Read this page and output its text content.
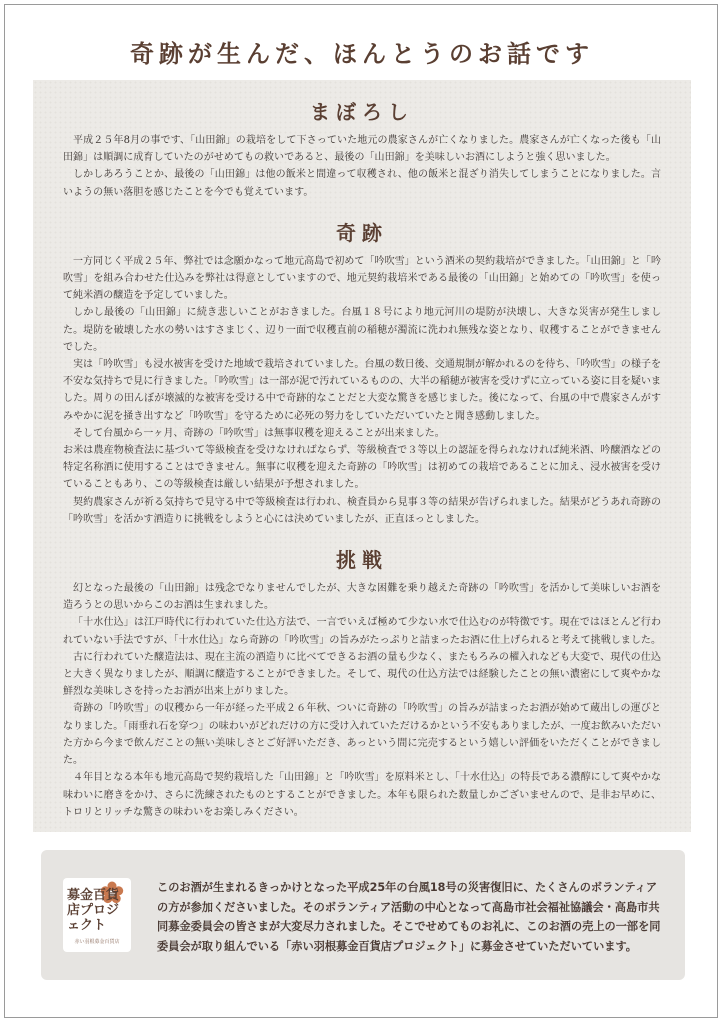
奇跡が生んだ、ほんとうのお話です
まぼろし

平成２５年8月の事です、「山田錦」の栽培をして下さっていた地元の農家さんが亡くなりました。農家さんが亡くなった後も「山田錦」は順調に成育していたのがせめてもの救いであると、最後の「山田錦」を美味しいお酒にしようと強く思いました。

しかしあろうことか、最後の「山田錦」は他の飯米と間違って収穫され、他の飯米と混ざり消失してしまうことになりました。言いようの無い落胆を感じたことを今でも覚えています。

奇跡

一方同じく平成２５年、弊社では念願かなって地元高島で初めて「吟吹雪」という酒米の契約栽培ができました。「山田錦」と「吟吹雪」を組み合わせた仕込みを弊社は得意としていますので、地元契約栽培米である最後の「山田錦」と始めての「吟吹雪」を使って純米酒の醸造を予定していました。

しかし最後の「山田錦」に続き悲しいことがおきました。台風１８号により地元河川の堤防が決壊し、大きな災害が発生しました。堤防を破壊した水の勢いはすさまじく、辺り一面で収穫直前の稲穂が濁流に洗われ無残な姿となり、収穫することができませんでした。

実は「吟吹雪」も浸水被害を受けた地域で栽培されていました。台風の数日後、交通規制が解かれるのを待ち、「吟吹雪」の様子を不安な気持ちで見に行きました。「吟吹雪」は一部が泥で汚れているものの、大半の稲穂が被害を受けずに立っている姿に目を疑いました。周りの田んぼが壊滅的な被害を受ける中で奇跡的なことだと大変な驚きを感じました。後になって、台風の中で農家さんがすみやかに泥を掻き出すなど「吟吹雪」を守るために必死の努力をしていただいていたと聞き感動しました。

そして台風から一ヶ月、奇跡の「吟吹雪」は無事収穫を迎えることが出来ました。

お米は農産物検査法に基づいて等級検査を受けなければならず、等級検査で３等以上の認証を得られなければ純米酒、吟醸酒などの特定名称酒に使用することはできません。無事に収穫を迎えた奇跡の「吟吹雪」は初めての栽培であることに加え、浸水被害を受けていることもあり、この等級検査は厳しい結果が予想されました。

契約農家さんが祈る気持ちで見守る中で等級検査は行われ、検査員から見事３等の結果が告げられました。結果がどうあれ奇跡の「吟吹雪」を活かす酒造りに挑戦をしようと心には決めていましたが、正直ほっとしました。

挑戦

幻となった最後の「山田錦」は残念でなりませんでしたが、大きな困難を乗り越えた奇跡の「吟吹雪」を活かして美味しいお酒を造ろうとの思いからこのお酒は生まれました。

「十水仕込」は江戸時代に行われていた仕込方法で、一言でいえば極めて少ない水で仕込むのが特徴です。現在ではほとんど行われていない手法ですが、「十水仕込」なら奇跡の「吟吹雪」の旨みがたっぷりと詰まったお酒に仕上げられると考えて挑戦しました。

古に行われていた醸造法は、現在主流の酒造りに比べてできるお酒の量も少なく、またもろみの櫂入れなども大変で、現代の仕込と大きく異なりましたが、順調に醸造することができました。そして、現代の仕込方法では経験したことの無い濃密にして爽やかな鮮烈な美味しさを持ったお酒が出来上がりました。

奇跡の「吟吹雪」の収穫から一年が経った平成２６年秋、ついに奇跡の「吟吹雪」の旨みが詰まったお酒が始めて蔵出しの運びとなりました。「雨垂れ石を穿つ」の味わいがどれだけの方に受け入れていただけるかという不安もありましたが、一度お飲みいただいた方から今まで飲んだことの無い美味しさとご好評いただき、あっという間に完売するという嬉しい評価をいただくことができました。

４年目となる本年も地元高島で契約栽培した「山田錦」と「吟吹雪」を原料米とし、「十水仕込」の特長である濃醇にして爽やかな味わいに磨きをかけ、さらに洗練されたものとすることができました。本年も限られた数量しかございませんので、是非お早めに、トロリとリッチな驚きの味わいをお楽しみください。

募金百貨店プロジェクト
赤い羽根募金百貨店
このお酒が生まれるきっかけとなった平成25年の台風18号の災害復旧に、たくさんのボランティアの方が参加くださいました。そのボランティア活動の中心となって高島市社会福祉協議会・高島市共同募金委員会の皆さまが大変尽力されました。そこでせめてものお礼に、このお酒の売上の一部を同委員会が取り組んでいる「赤い羽根募金百貨店プロジェクト」に募金させていただいています。
